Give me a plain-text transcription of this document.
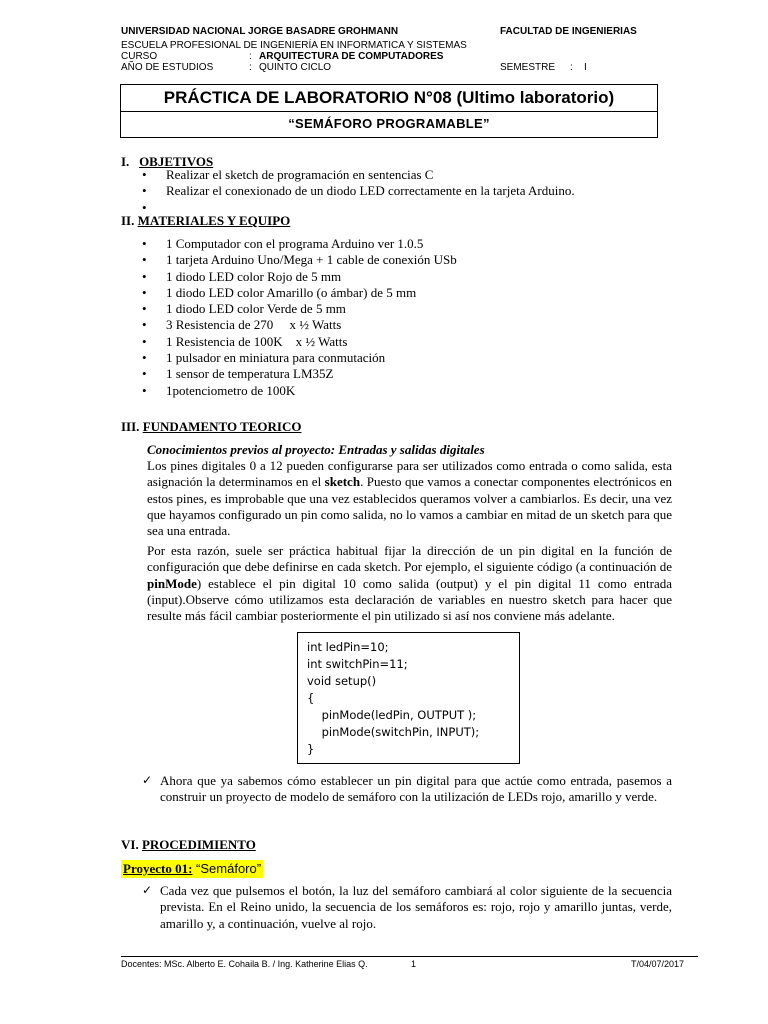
UNIVERSIDAD NACIONAL JORGE BASADRE GROHMANN	FACULTAD DE INGENIERIAS
ESCUELA PROFESIONAL DE INGENIERÍA EN INFORMATICA Y SISTEMAS
CURSO	: ARQUITECTURA DE COMPUTADORES
AÑO DE ESTUDIOS	: QUINTO CICLO	SEMESTRE : I
PRÁCTICA DE LABORATORIO N°08 (Ultimo laboratorio)
“SEMÁFORO PROGRAMABLE”
I. OBJETIVOS
• Realizar el sketch de programación en sentencias C
• Realizar el conexionado de un diodo LED correctamente en la tarjeta Arduino.
•
II. MATERIALES Y EQUIPO
• 1 Computador con el programa Arduino ver 1.0.5
• 1 tarjeta Arduino Uno/Mega + 1 cable de conexión USb
• 1 diodo LED color Rojo de 5 mm
• 1 diodo LED color Amarillo (o ámbar) de 5 mm
• 1 diodo LED color Verde de 5 mm
• 3 Resistencia de 270     x ½ Watts
• 1 Resistencia de 100K    x ½ Watts
• 1 pulsador en miniatura para conmutación
• 1 sensor de temperatura LM35Z
• 1potenciometro de 100K
III. FUNDAMENTO TEORICO
Conocimientos previos al proyecto: Entradas y salidas digitales
Los pines digitales 0 a 12 pueden configurarse para ser utilizados como entrada o como salida, esta asignación la determinamos en el sketch. Puesto que vamos a conectar componentes electrónicos en estos pines, es improbable que una vez establecidos queramos volver a cambiarlos. Es decir, una vez que hayamos configurado un pin como salida, no lo vamos a cambiar en mitad de un sketch para que sea una entrada.
Por esta razón, suele ser práctica habitual fijar la dirección de un pin digital en la función de configuración que debe definirse en cada sketch. Por ejemplo, el siguiente código (a continuación de pinMode) establece el pin digital 10 como salida (output) y el pin digital 11 como entrada (input).Observe cómo utilizamos esta declaración de variables en nuestro sketch para hacer que resulte más fácil cambiar posteriormente el pin utilizado si así nos conviene más adelante.
int ledPin=10;
int switchPin=11;
void setup()
{
pinMode(ledPin, OUTPUT );
pinMode(switchPin, INPUT);
}
✓ Ahora que ya sabemos cómo establecer un pin digital para que actúe como entrada, pasemos a construir un proyecto de modelo de semáforo con la utilización de LEDs rojo, amarillo y verde.
VI. PROCEDIMIENTO
Proyecto 01: “Semáforo”
✓ Cada vez que pulsemos el botón, la luz del semáforo cambiará al color siguiente de la secuencia prevista. En el Reino unido, la secuencia de los semáforos es: rojo, rojo y amarillo juntas, verde, amarillo y, a continuación, vuelve al rojo.
Docentes: MSc. Alberto E. Cohaila B. / Ing. Katherine Elias Q.	1	T/04/07/2017
